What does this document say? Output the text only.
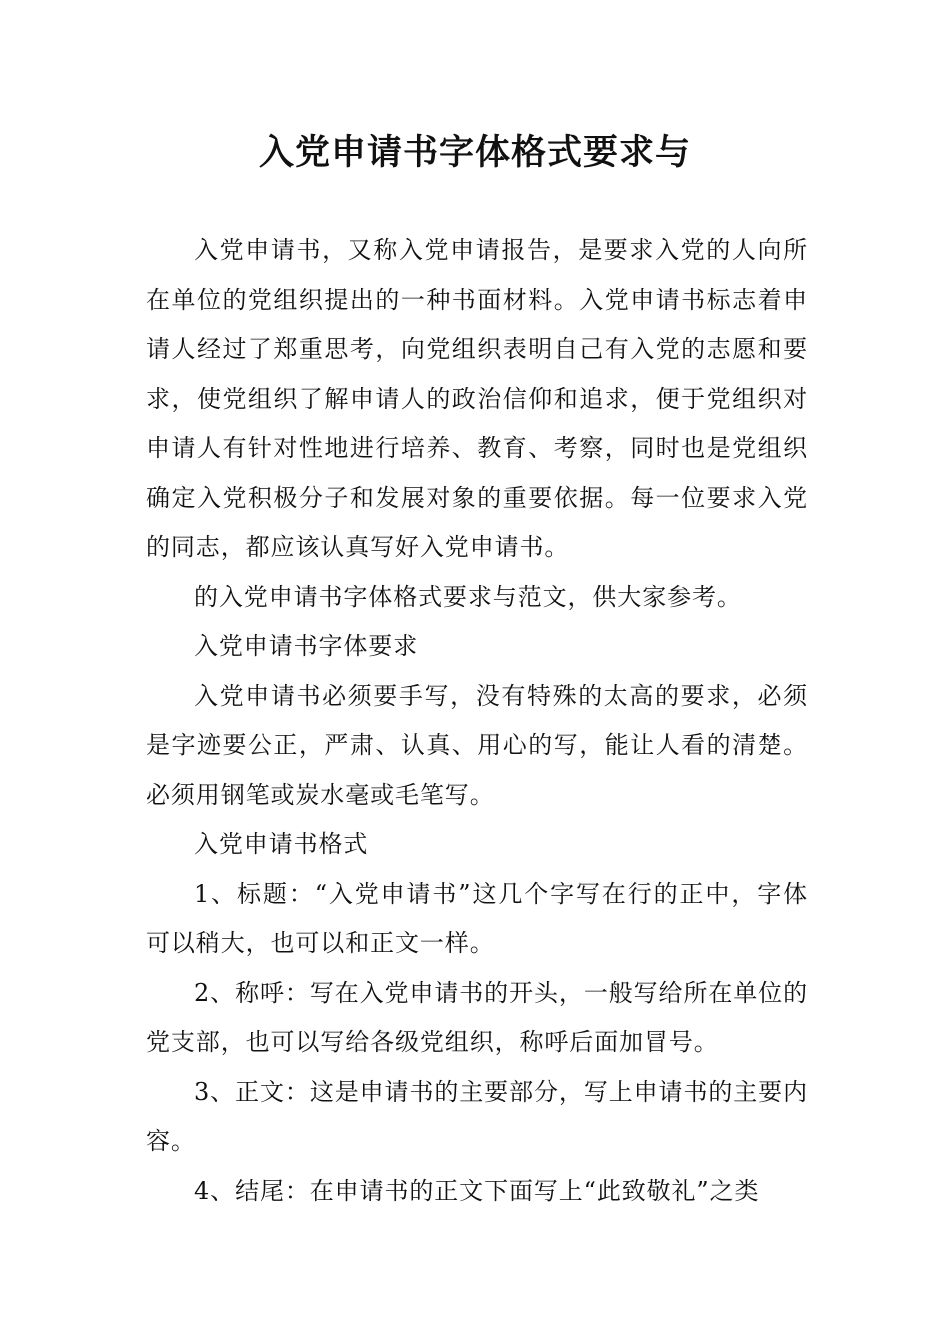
入党申请书字体格式要求与

入党申请书，又称入党申请报告，是要求入党的人向所在单位的党组织提出的一种书面材料。入党申请书标志着申请人经过了郑重思考，向党组织表明自己有入党的志愿和要求，使党组织了解申请人的政治信仰和追求，便于党组织对申请人有针对性地进行培养、教育、考察，同时也是党组织确定入党积极分子和发展对象的重要依据。每一位要求入党的同志，都应该认真写好入党申请书。

的入党申请书字体格式要求与范文，供大家参考。

入党申请书字体要求

入党申请书必须要手写，没有特殊的太高的要求，必须是字迹要公正，严肃、认真、用心的写，能让人看的清楚。必须用钢笔或炭水毫或毛笔写。

入党申请书格式

1、标题：“入党申请书”这几个字写在行的正中，字体可以稍大，也可以和正文一样。

2、称呼：写在入党申请书的开头，一般写给所在单位的党支部，也可以写给各级党组织，称呼后面加冒号。

3、正文：这是申请书的主要部分，写上申请书的主要内容。

4、结尾：在申请书的正文下面写上“此致敬礼”之类
